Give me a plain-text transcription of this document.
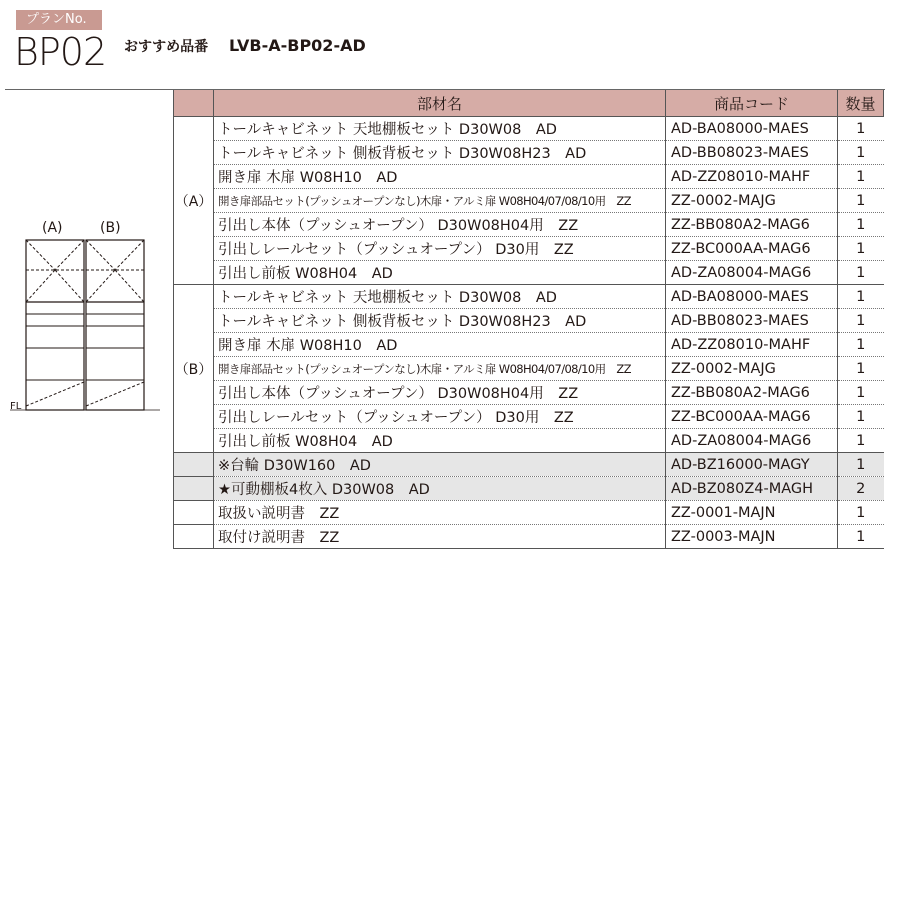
プランNo.
BP02 おすすめ品番 LVB-A-BP02-AD
(A)	(B)
FL
	部材名	商品コード	数量
（A）	トールキャビネット 天地棚板セット D30W08　AD	AD-BA08000-MAES	1
	トールキャビネット 側板背板セット D30W08H23　AD	AD-BB08023-MAES	1
	開き扉 木扉 W08H10　AD	AD-ZZ08010-MAHF	1
	開き扉部品セット(プッシュオープンなし)木扉・アルミ扉 W08H04/07/08/10用　ZZ	ZZ-0002-MAJG	1
	引出し本体（プッシュオープン） D30W08H04用　ZZ	ZZ-BB080A2-MAG6	1
	引出しレールセット（プッシュオープン） D30用　ZZ	ZZ-BC000AA-MAG6	1
	引出し前板 W08H04　AD	AD-ZA08004-MAG6	1
（B）	トールキャビネット 天地棚板セット D30W08　AD	AD-BA08000-MAES	1
	トールキャビネット 側板背板セット D30W08H23　AD	AD-BB08023-MAES	1
	開き扉 木扉 W08H10　AD	AD-ZZ08010-MAHF	1
	開き扉部品セット(プッシュオープンなし)木扉・アルミ扉 W08H04/07/08/10用　ZZ	ZZ-0002-MAJG	1
	引出し本体（プッシュオープン） D30W08H04用　ZZ	ZZ-BB080A2-MAG6	1
	引出しレールセット（プッシュオープン） D30用　ZZ	ZZ-BC000AA-MAG6	1
	引出し前板 W08H04　AD	AD-ZA08004-MAG6	1
	※台輪 D30W160　AD	AD-BZ16000-MAGY	1
	★可動棚板4枚入 D30W08　AD	AD-BZ080Z4-MAGH	2
	取扱い説明書　ZZ	ZZ-0001-MAJN	1
	取付け説明書　ZZ	ZZ-0003-MAJN	1
